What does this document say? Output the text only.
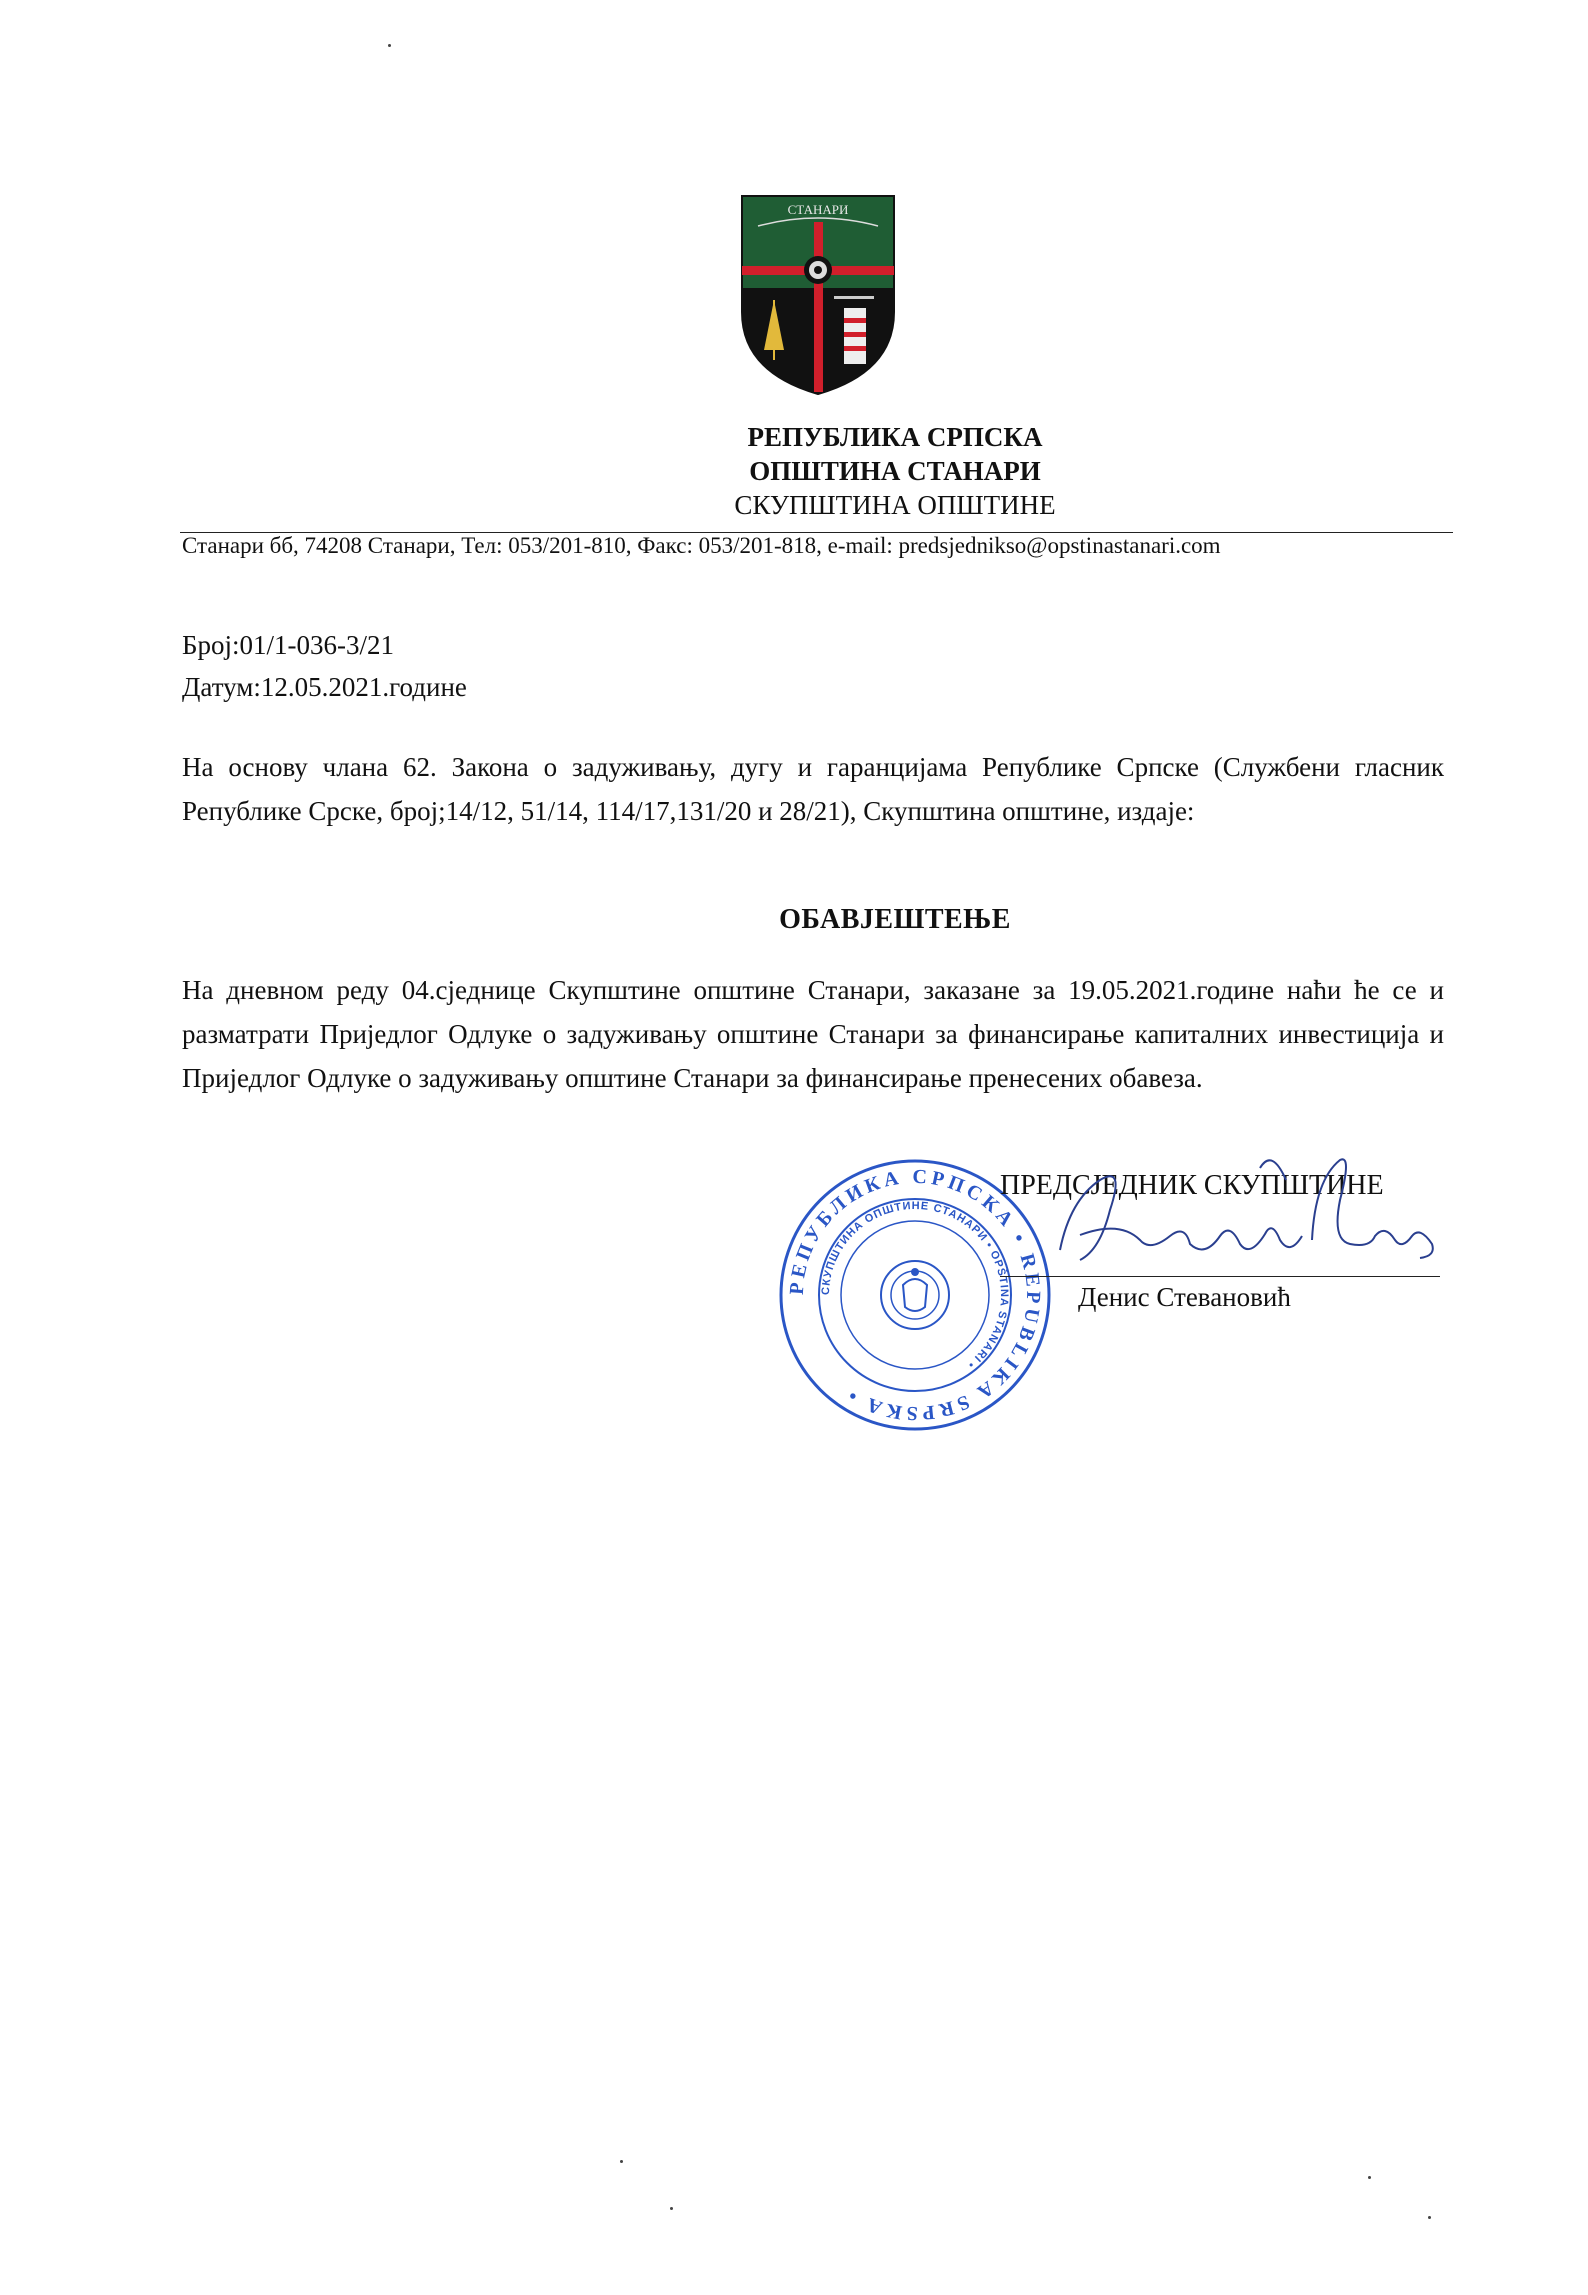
СТАНАРИ
РЕПУБЛИКА СРПСКА
ОПШТИНА СТАНАРИ
СКУПШТИНА ОПШТИНЕ
Станари бб, 74208 Станари, Тел: 053/201-810, Факс: 053/201-818, e-mail: predsjednikso@opstinastanari.com
Број:01/1-036-3/21
Датум:12.05.2021.године

На основу члана 62. Закона о задуживању, дугу и гаранцијама Републике Српске (Службени гласник Републике Срске, број;14/12, 51/14, 114/17,131/20 и 28/21), Скупштина општине, издаје:

ОБАВЈЕШТЕЊЕ

На дневном реду 04.сједнице Скупштине општине Станари, заказане за 19.05.2021.године наћи ће се и разматрати Приједлог Одлуке о задуживању општине Станари за финансирање капиталних инвестиција и Приједлог Одлуке о задуживању општине Станари за финансирање пренесених обавеза.

РЕПУБЛИКА СРПСКА • REPUBLIKA SRPSKA •
СКУПШТИНА ОПШТИНЕ СТАНАРИ • OPŠTINA STANARI •
ПРЕДСЈЕДНИК СКУПШТИНЕ
Денис Стевановић
